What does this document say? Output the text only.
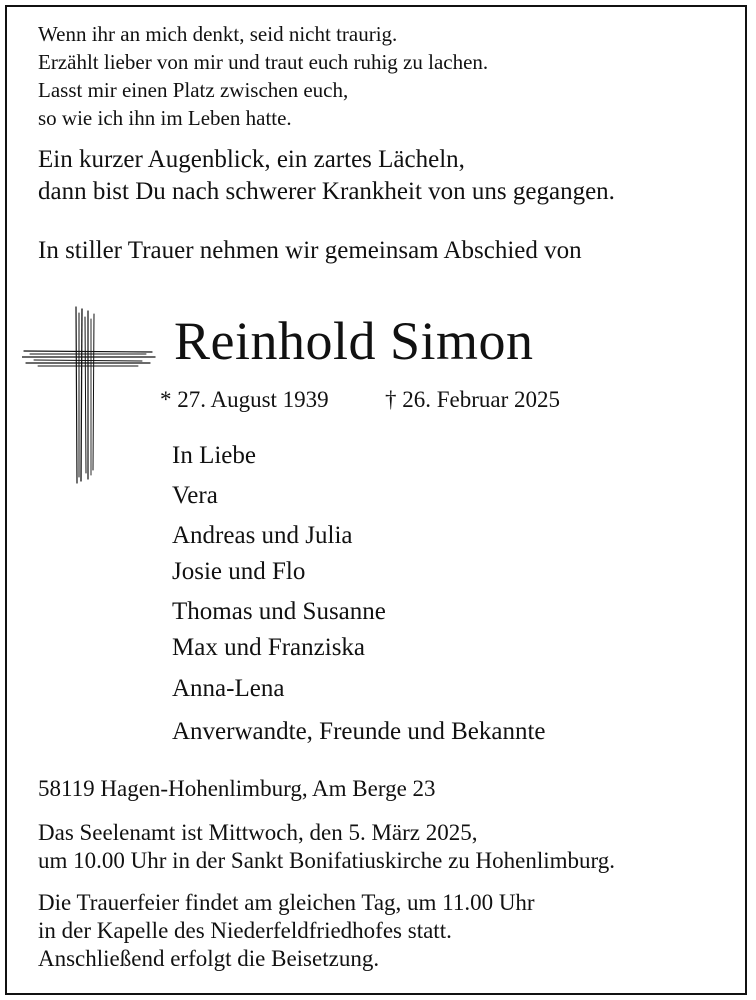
Wenn ihr an mich denkt, seid nicht traurig.
Erzählt lieber von mir und traut euch ruhig zu lachen.
Lasst mir einen Platz zwischen euch,
so wie ich ihn im Leben hatte.
Ein kurzer Augenblick, ein zartes Lächeln,
dann bist Du nach schwerer Krankheit von uns gegangen.
In stiller Trauer nehmen wir gemeinsam Abschied von
Reinhold Simon
* 27. August 1939 † 26. Februar 2025
In Liebe
Vera
Andreas und Julia
Josie und Flo
Thomas und Susanne
Max und Franziska
Anna-Lena
Anverwandte, Freunde und Bekannte
58119 Hagen-Hohenlimburg, Am Berge 23
Das Seelenamt ist Mittwoch, den 5. März 2025,
um 10.00 Uhr in der Sankt Bonifatiuskirche zu Hohenlimburg.
Die Trauerfeier findet am gleichen Tag, um 11.00 Uhr
in der Kapelle des Niederfeldfriedhofes statt.
Anschließend erfolgt die Beisetzung.
